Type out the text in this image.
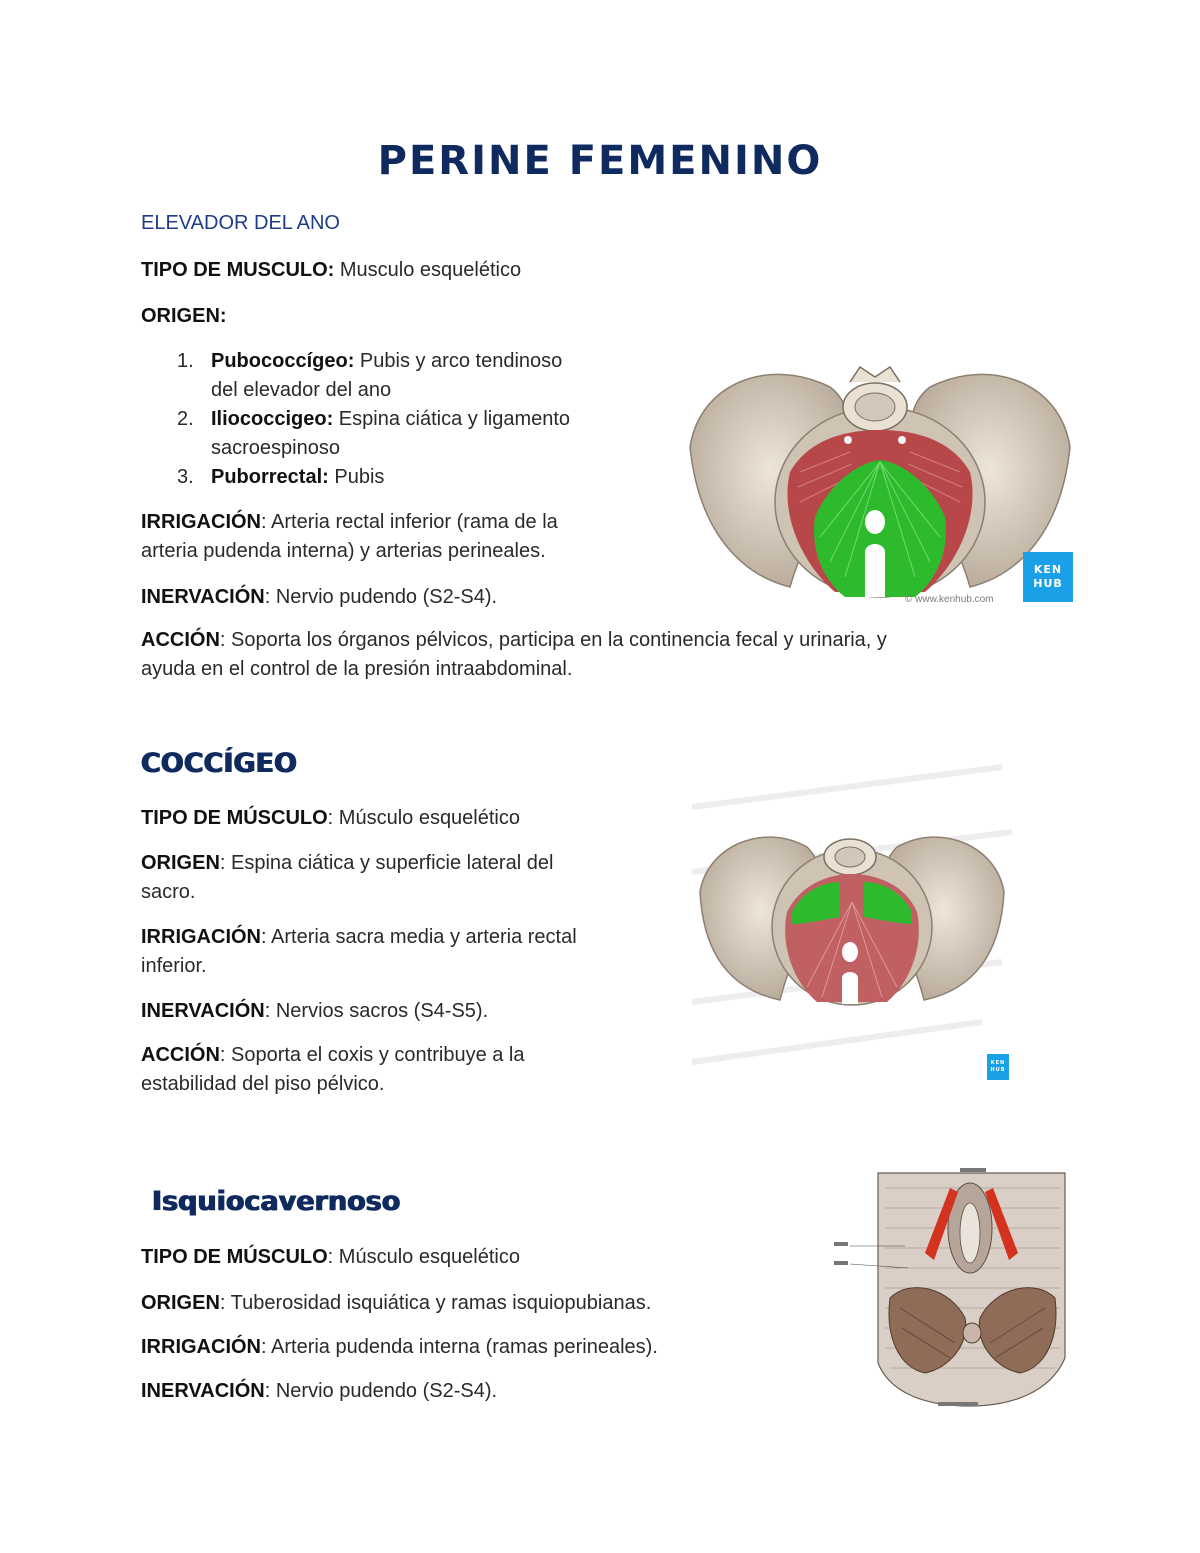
PERINE FEMENINO
ELEVADOR DEL ANO
TIPO DE MUSCULO: Musculo esquelético
ORIGEN:
1. Pubococcígeo: Pubis y arco tendinoso
del elevador del ano
2. Iliococcigeo: Espina ciática y ligamento
sacroespinoso
3. Puborrectal: Pubis
IRRIGACIÓN: Arteria rectal inferior (rama de la
arteria pudenda interna) y arterias perineales.
INERVACIÓN: Nervio pudendo (S2-S4).
ACCIÓN: Soporta los órganos pélvicos, participa en la continencia fecal y urinaria, y
ayuda en el control de la presión intraabdominal.
KEN
HUB
© www.kenhub.com
COCCÍGEO
TIPO DE MÚSCULO: Músculo esquelético
ORIGEN: Espina ciática y superficie lateral del
sacro.
IRRIGACIÓN: Arteria sacra media y arteria rectal
inferior.
INERVACIÓN: Nervios sacros (S4-S5).
ACCIÓN: Soporta el coxis y contribuye a la
estabilidad del piso pélvico.
KEN
HUB
Isquiocavernoso
TIPO DE MÚSCULO: Músculo esquelético
ORIGEN: Tuberosidad isquiática y ramas isquiopubianas.
IRRIGACIÓN: Arteria pudenda interna (ramas perineales).
INERVACIÓN: Nervio pudendo (S2-S4).
